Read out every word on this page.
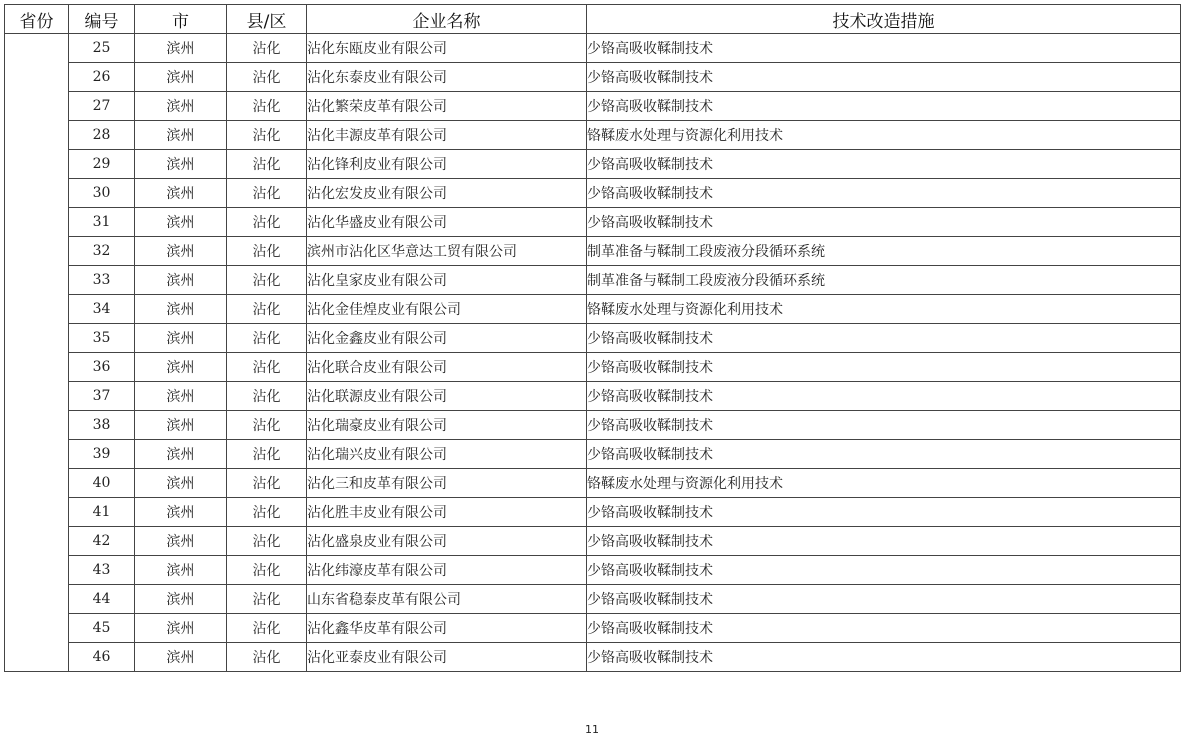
省份	编号	市	县/区	企业名称	技术改造措施
	25	滨州	沾化	沾化东瓯皮业有限公司	少铬高吸收鞣制技术
	26	滨州	沾化	沾化东泰皮业有限公司	少铬高吸收鞣制技术
	27	滨州	沾化	沾化繁荣皮革有限公司	少铬高吸收鞣制技术
	28	滨州	沾化	沾化丰源皮革有限公司	铬鞣废水处理与资源化利用技术
	29	滨州	沾化	沾化锋利皮业有限公司	少铬高吸收鞣制技术
	30	滨州	沾化	沾化宏发皮业有限公司	少铬高吸收鞣制技术
	31	滨州	沾化	沾化华盛皮业有限公司	少铬高吸收鞣制技术
	32	滨州	沾化	滨州市沾化区华意达工贸有限公司	制革准备与鞣制工段废液分段循环系统
	33	滨州	沾化	沾化皇家皮业有限公司	制革准备与鞣制工段废液分段循环系统
	34	滨州	沾化	沾化金佳煌皮业有限公司	铬鞣废水处理与资源化利用技术
	35	滨州	沾化	沾化金鑫皮业有限公司	少铬高吸收鞣制技术
	36	滨州	沾化	沾化联合皮业有限公司	少铬高吸收鞣制技术
	37	滨州	沾化	沾化联源皮业有限公司	少铬高吸收鞣制技术
	38	滨州	沾化	沾化瑞豪皮业有限公司	少铬高吸收鞣制技术
	39	滨州	沾化	沾化瑞兴皮业有限公司	少铬高吸收鞣制技术
	40	滨州	沾化	沾化三和皮革有限公司	铬鞣废水处理与资源化利用技术
	41	滨州	沾化	沾化胜丰皮业有限公司	少铬高吸收鞣制技术
	42	滨州	沾化	沾化盛泉皮业有限公司	少铬高吸收鞣制技术
	43	滨州	沾化	沾化纬濠皮革有限公司	少铬高吸收鞣制技术
	44	滨州	沾化	山东省稳泰皮革有限公司	少铬高吸收鞣制技术
	45	滨州	沾化	沾化鑫华皮革有限公司	少铬高吸收鞣制技术
	46	滨州	沾化	沾化亚泰皮业有限公司	少铬高吸收鞣制技术
11
